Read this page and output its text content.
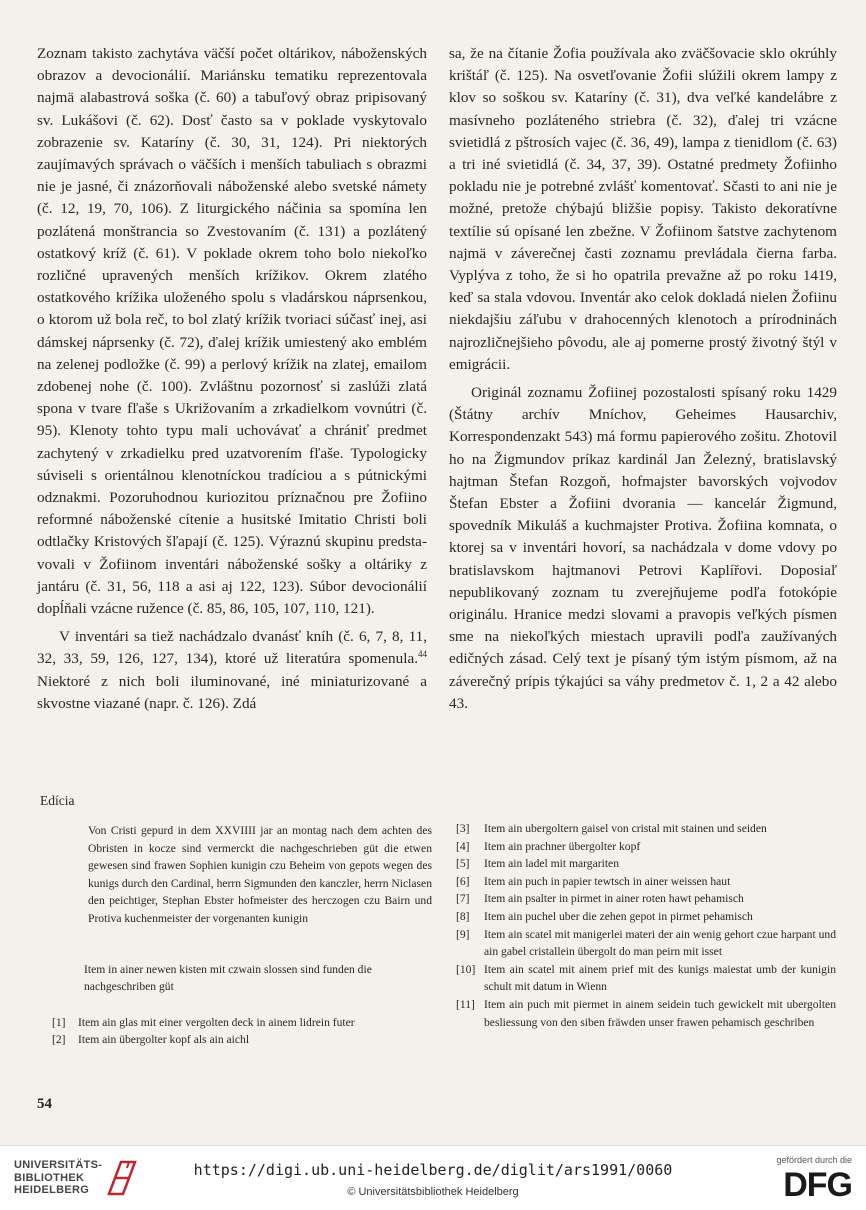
Zoznam takisto zachytáva väčší počet oltárikov, náboženských obrazov a devocionálií. Mariánsku tematiku reprezentovala najmä alabastrová soška (č. 60) a tabuľový obraz pripisovaný sv. Lukášovi (č. 62). Dosť často sa v poklade vyskytovalo zobrazenie sv. Kataríny (č. 30, 31, 124). Pri niektorých zaujímavých správach o väčších i menších tabuliach s obrazmi nie je jasné, či znázorňovali náboženské alebo svetské námety (č. 12, 19, 70, 106). Z liturgického náčinia sa spomína len pozlátená monštrancia so Zvestovaním (č. 131) a pozlátený ostatkový kríž (č. 61). V poklade okrem toho bolo niekoľko rozličné upravených menších krížikov. Okrem zlatého ostatkového krížika uloženého spolu s vladárskou náprsenkou, o ktorom už bola reč, to bol zlatý krížik tvoriaci súčasť inej, asi dámskej náprsenky (č. 72), ďalej krížik umiestený ako emblém na zelenej podložke (č. 99) a perlový krížik na zlatej, emailom zdobenej nohe (č. 100). Zvláštnu pozornosť si zaslúži zlatá spona v tvare fľaše s Ukrižovaním a zrkadielkom vovnútri (č. 95). Klenoty tohto typu mali uchovávať a chrániť predmet zachytený v zrkadielku pred uzatvorením fľaše. Typologicky súviseli s orientálnou klenotníckou tradíciou a s pútnickými odznakmi. Pozoruhodnou kuriozitou príznačnou pre Žofiino reformné náboženské cítenie a husitské Imitatio Christi boli odtlačky Kristových šľapají (č. 125). Výraznú skupinu predstavovali v Žofiinom inventári náboženské sošky a oltáriky z jantáru (č. 31, 56, 118 a asi aj 122, 123). Súbor devocionálií dopĺňali vzácne ružence (č. 85, 86, 105, 107, 110, 121).

V inventári sa tiež nachádzalo dvanásť kníh (č. 6, 7, 8, 11, 32, 33, 59, 126, 127, 134), ktoré už literatúra spomenula.$^{44}$ Niektoré z nich boli iluminované, iné miniaturizované a skvostne viazané (napr. č. 126). Zdá

sa, že na čítanie Žofia používala ako zväčšovacie sklo okrúhly krištáľ (č. 125). Na osvetľovanie Žofii slúžili okrem lampy z klov so soškou sv. Kataríny (č. 31), dva veľké kandelábre z masívneho pozláteného striebra (č. 32), ďalej tri vzácne svietidlá z pštrosích vajec (č. 36, 49), lampa z tienidlom (č. 63) a tri iné svietidlá (č. 34, 37, 39). Ostatné predmety Žofiinho pokladu nie je potrebné zvlášť komentovať. Sčasti to ani nie je možné, pretože chýbajú bližšie popisy. Takisto dekoratívne textílie sú opísané len zbežne. V Žofiinom šatstve zachytenom najmä v záverečnej časti zoznamu prevládala čierna farba. Vyplýva z toho, že si ho opatrila prevažne až po roku 1419, keď sa stala vdovou. Inventár ako celok dokladá nielen Žofiinu niekdajšiu záľubu v drahocenných klenotoch a prírodninách najrozličnejšieho pôvodu, ale aj pomerne prostý životný štýl v emigrácii.

Originál zoznamu Žofiinej pozostalosti spísaný roku 1429 (Štátny archív Mníchov, Geheimes Hausarchiv, Korrespondenzakt 543) má formu papierového zošitu. Zhotovil ho na Žigmundov príkaz kardinál Jan Železný, bratislavský hajtman Štefan Rozgoň, hofmajster bavorských vojvodov Štefan Ebster a Žofiini dvorania — kancelár Žigmund, spovedník Mikuláš a kuchmajster Protiva. Žofiina komnata, o ktorej sa v inventári hovorí, sa nachádzala v dome vdovy po bratislavskom hajtmanovi Petrovi Kaplířovi. Doposiaľ nepublikovaný zoznam tu zverejňujeme podľa fotokópie originálu. Hranice medzi slovami a pravopis veľkých písmen sme na niekoľkých miestach upravili podľa zaužívaných edičných zásad. Celý text je písaný tým istým písmom, až na záverečný prípis týkajúci sa váhy predmetov č. 1, 2 a 42 alebo 43.

Edícia

Von Cristi gepurd in dem XXVIIII jar an montag nach dem achten des Obristen in kocze sind vermerckt die nachgeschrieben güt die etwen gewesen sind frawen Sophien kunigin czu Beheim von gepots wegen des kunigs durch den Cardinal, herrn Sigmunden den kanczler, herrn Niclasen den peichtiger, Stephan Ebster hofmeister des herczogen czu Bairn und Protiva kuchenmeister der vorgenanten kunigin

Item in ainer newen kisten mit czwain slossen sind funden die nachgeschriben güt

[1]	Item ain glas mit einer vergolten deck in ainem lidrein futer
[2]	Item ain übergolter kopf als ain aichl
[3]	Item ain ubergoltern gaisel von cristal mit stainen und seiden
[4]	Item ain prachner übergolter kopf
[5]	Item ain ladel mit margariten
[6]	Item ain puch in papier tewtsch in ainer weissen haut
[7]	Item ain psalter in pirmet in ainer roten hawt pehamisch
[8]	Item ain puchel uber die zehen gepot in pirmet pehamisch
[9]	Item ain scatel mit manigerlei materi der ain wenig gehort czue harpant und ain gabel cristallein übergolt do man peirn mit isset
[10] Item ain scatel mit ainem prief mit des kunigs maiestat umb der kunigin schult mit datum in Wienn
[11] Item ain puch mit piermet in ainem seidein tuch gewickelt mit ubergolten besliessung von den siben fräwden unser frawen pehamisch geschriben
54
UNIVERSITÄTS-
BIBLIOTHEK
HEIDELBERG
https://digi.ub.uni-heidelberg.de/diglit/ars1991/0060
© Universitätsbibliothek Heidelberg
gefördert durch die
DFG
